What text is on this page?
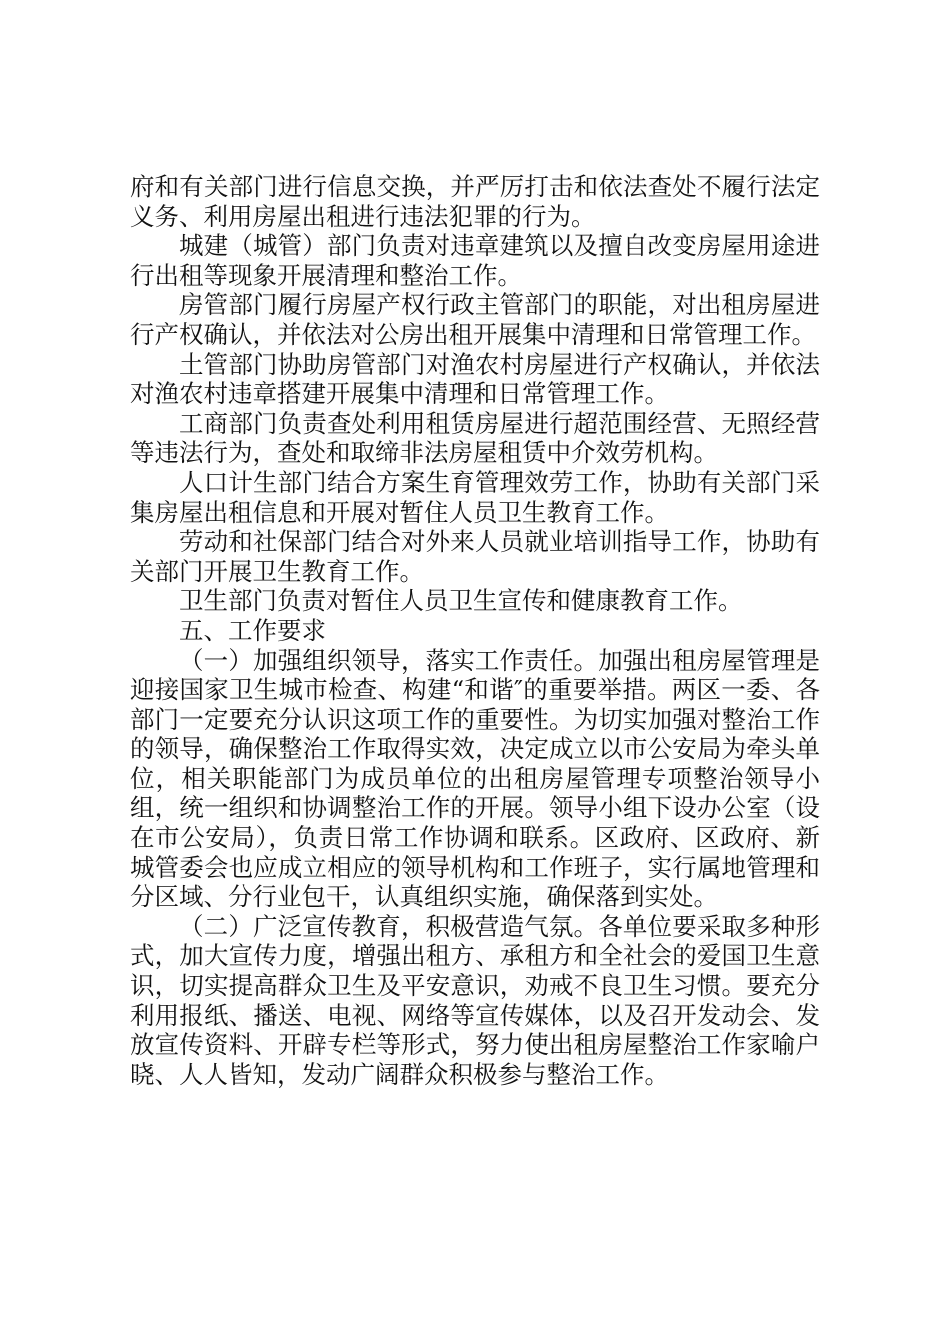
府和有关部门进行信息交换，并严厉打击和依法查处不履行法定义务、利用房屋出租进行违法犯罪的行为。

城建（城管）部门负责对违章建筑以及擅自改变房屋用途进行出租等现象开展清理和整治工作。

房管部门履行房屋产权行政主管部门的职能，对出租房屋进行产权确认，并依法对公房出租开展集中清理和日常管理工作。

土管部门协助房管部门对渔农村房屋进行产权确认，并依法对渔农村违章搭建开展集中清理和日常管理工作。

工商部门负责查处利用租赁房屋进行超范围经营、无照经营等违法行为，查处和取缔非法房屋租赁中介效劳机构。

人口计生部门结合方案生育管理效劳工作，协助有关部门采集房屋出租信息和开展对暂住人员卫生教育工作。

劳动和社保部门结合对外来人员就业培训指导工作，协助有关部门开展卫生教育工作。

卫生部门负责对暂住人员卫生宣传和健康教育工作。

五、工作要求

（一）加强组织领导，落实工作责任。加强出租房屋管理是迎接国家卫生城市检查、构建“和谐″的重要举措。两区一委、各部门一定要充分认识这项工作的重要性。为切实加强对整治工作的领导，确保整治工作取得实效，决定成立以市公安局为牵头单位，相关职能部门为成员单位的出租房屋管理专项整治领导小组，统一组织和协调整治工作的开展。领导小组下设办公室（设在市公安局），负责日常工作协调和联系。区政府、区政府、新城管委会也应成立相应的领导机构和工作班子，实行属地管理和分区域、分行业包干，认真组织实施，确保落到实处。

（二）广泛宣传教育，积极营造气氛。各单位要采取多种形式，加大宣传力度，增强出租方、承租方和全社会的爱国卫生意识，切实提高群众卫生及平安意识，劝戒不良卫生习惯。要充分利用报纸、播送、电视、网络等宣传媒体，以及召开发动会、发放宣传资料、开辟专栏等形式，努力使出租房屋整治工作家喻户晓、人人皆知，发动广阔群众积极参与整治工作。
